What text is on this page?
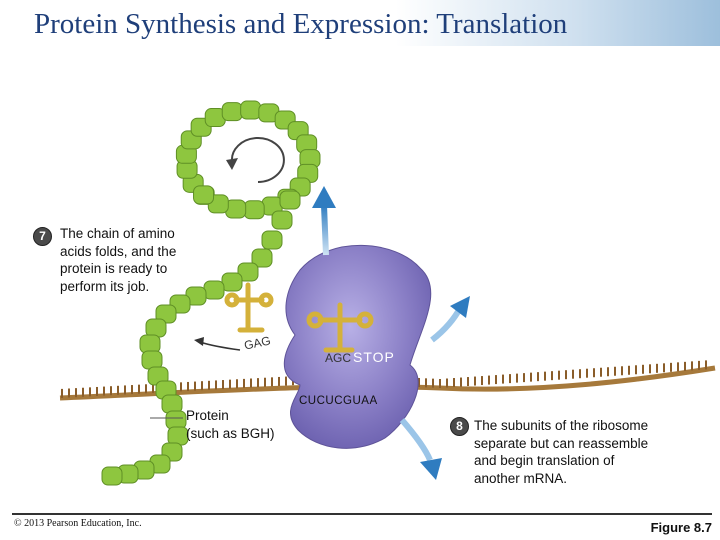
Protein Synthesis and Expression: Translation
7	The chain of amino
acids folds, and the
protein is ready to
perform its job.
8 The subunits of the ribosome
separate but can reassemble
and begin translation of
another mRNA.
Protein
(such as BGH)
GAG
AGC STOP
CUCUCGUAA
© 2013 Pearson Education, Inc.	Figure 8.7
